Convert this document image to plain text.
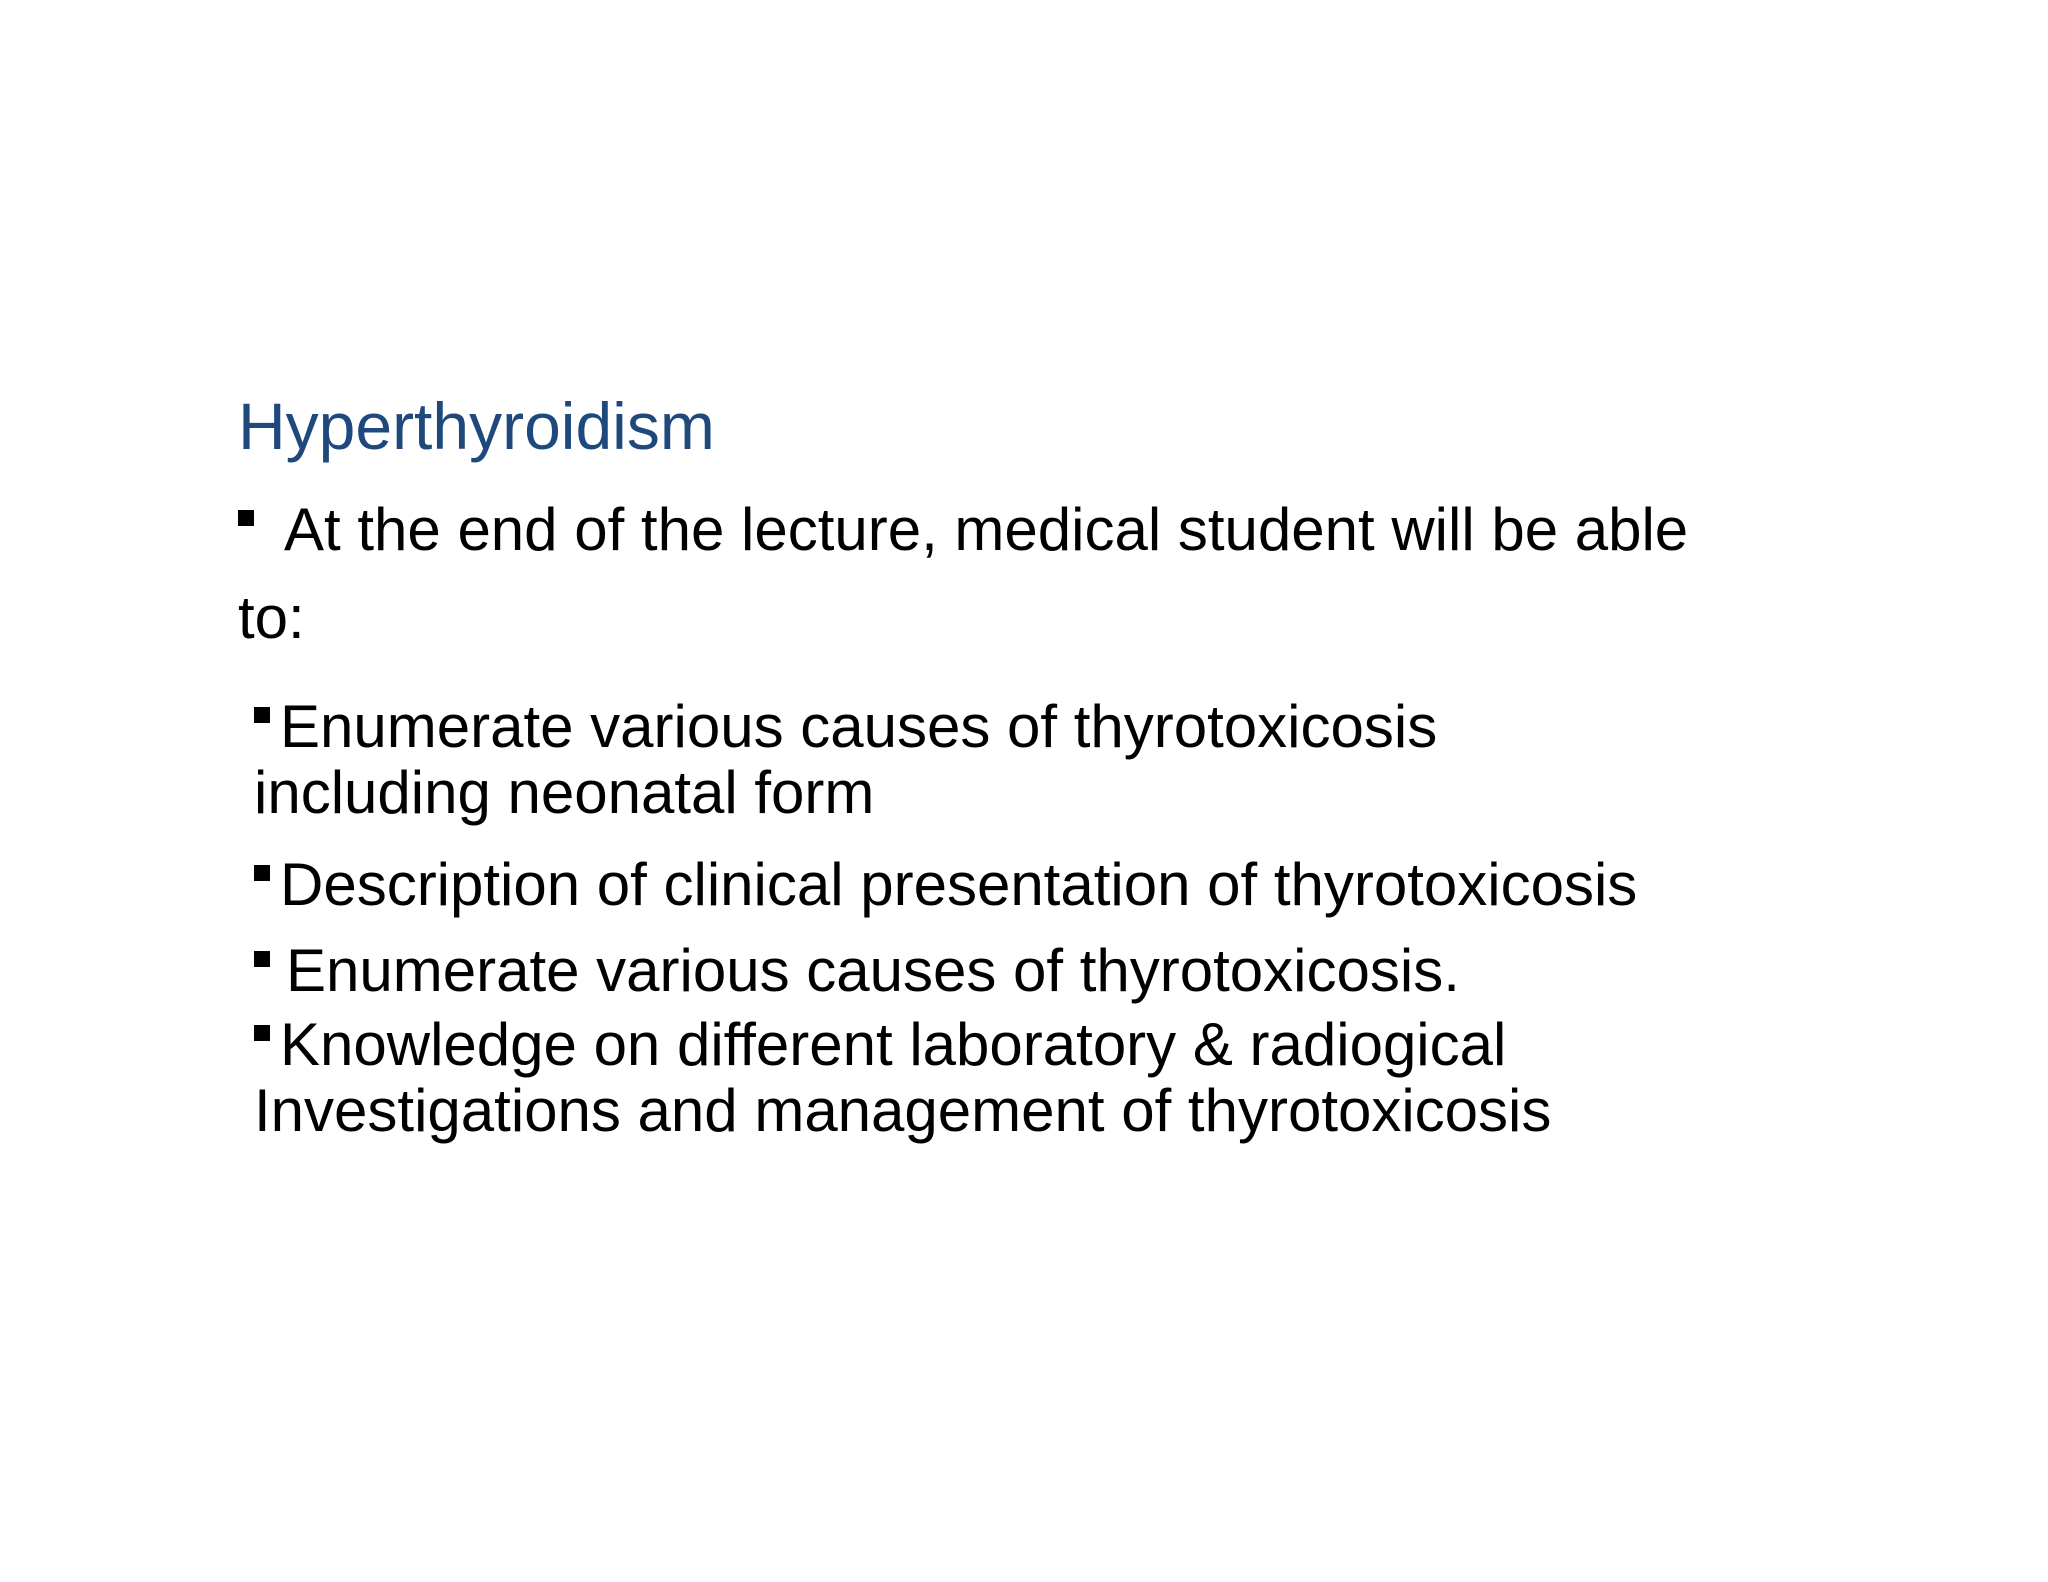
Hyperthyroidism
At the end of the lecture, medical student will be able to:
Enumerate various causes of thyrotoxicosis
including neonatal form
Description of clinical presentation of thyrotoxicosis
Enumerate various causes of thyrotoxicosis.
Knowledge on different laboratory & radiogical
Investigations and management of thyrotoxicosis
